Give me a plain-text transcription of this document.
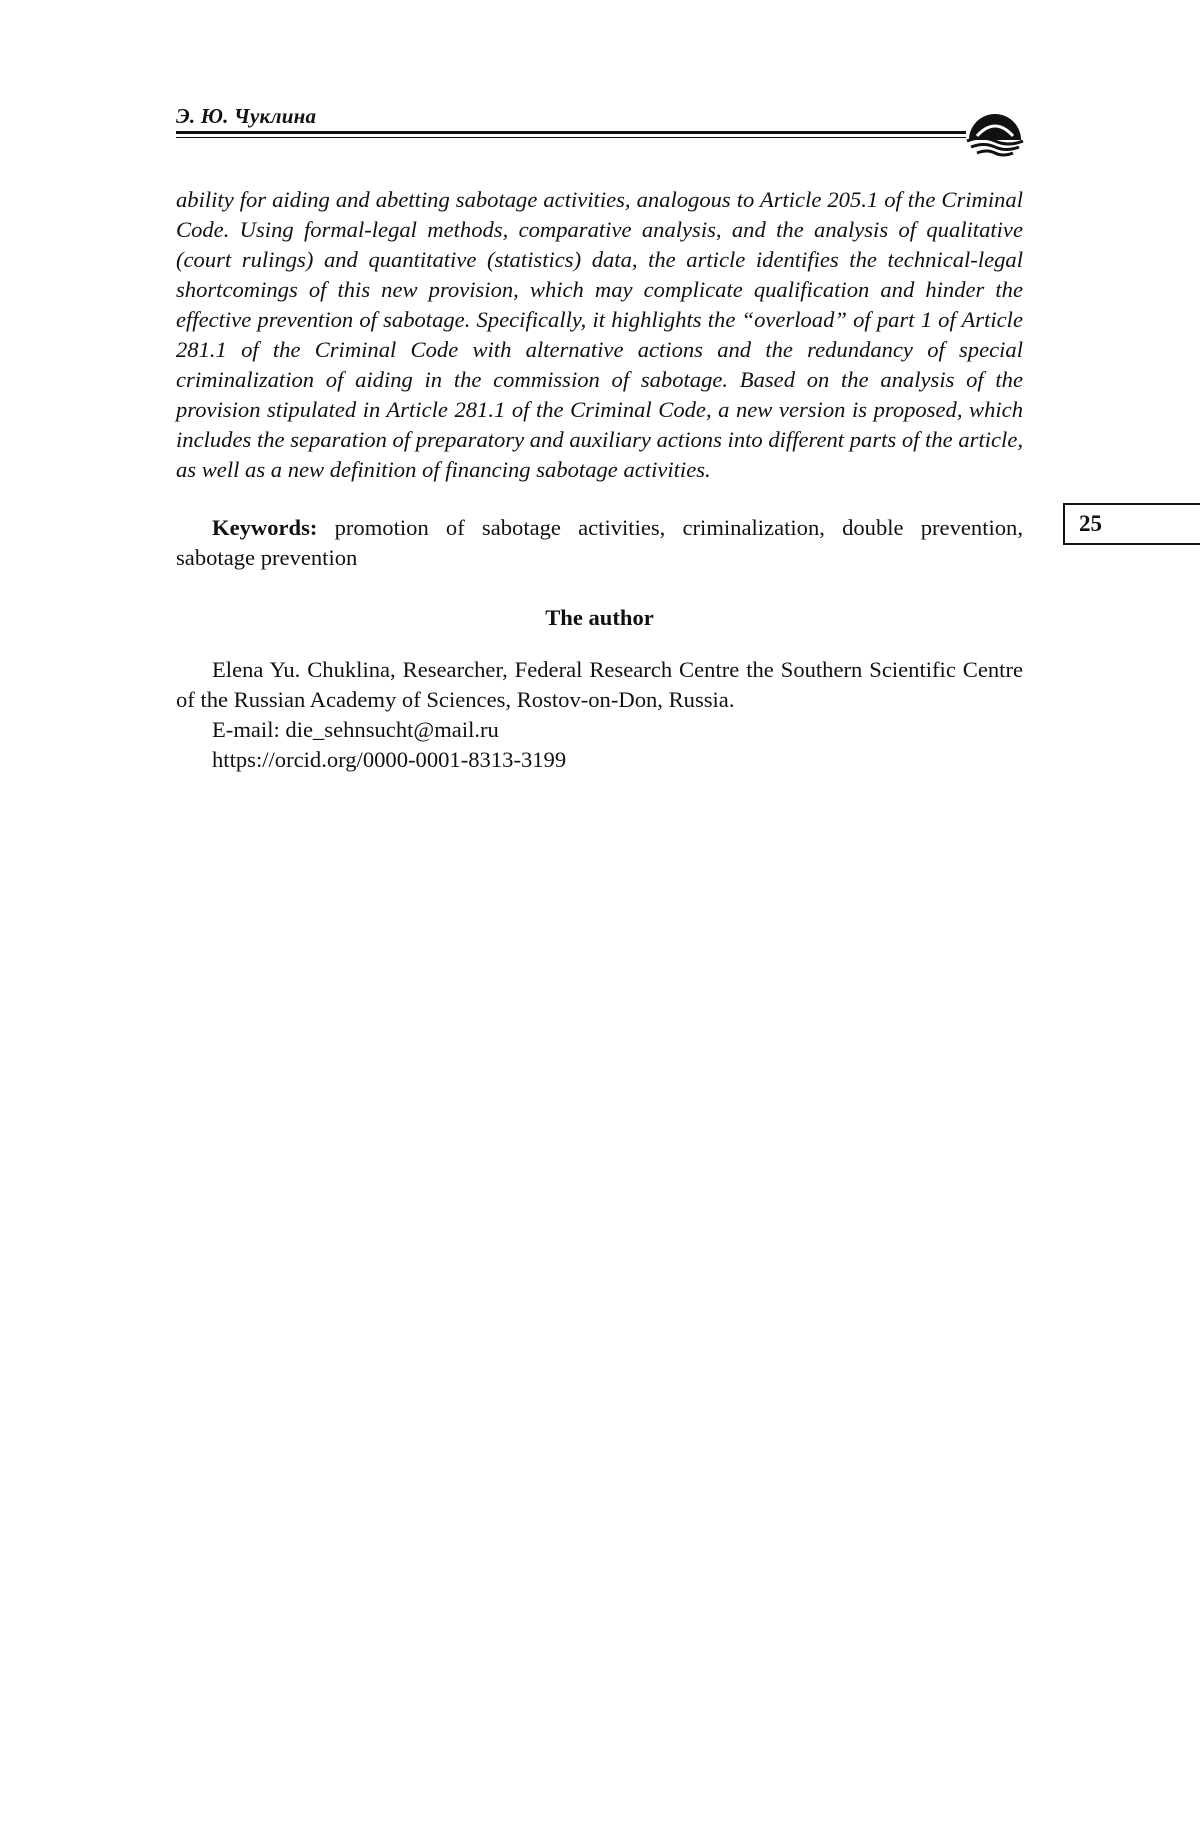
Э. Ю. Чуклина

ability for aiding and abetting sabotage activities, analogous to Article 205.1 of the Criminal Code. Using formal-legal methods, comparative analysis, and the analysis of qualitative (court rulings) and quantitative (statistics) data, the article identifies the technical-legal shortcomings of this new provision, which may complicate qualification and hinder the effective prevention of sabotage. Specifically, it highlights the “overload” of part 1 of Article 281.1 of the Criminal Code with alternative actions and the redundancy of special criminalization of aiding in the commission of sabotage. Based on the analysis of the provision stipulated in Article 281.1 of the Criminal Code, a new version is proposed, which includes the separation of preparatory and auxiliary actions into different parts of the article, as well as a new definition of financing sabotage activities.

Keywords: promotion of sabotage activities, criminalization, double prevention, sabotage prevention

25
The author

Elena Yu. Chuklina, Researcher, Federal Research Centre the Southern Scientific Centre of the Russian Academy of Sciences, Rostov-on-Don, Russia.

E-mail: die_sehnsucht@mail.ru

https://orcid.org/0000-0001-8313-3199
